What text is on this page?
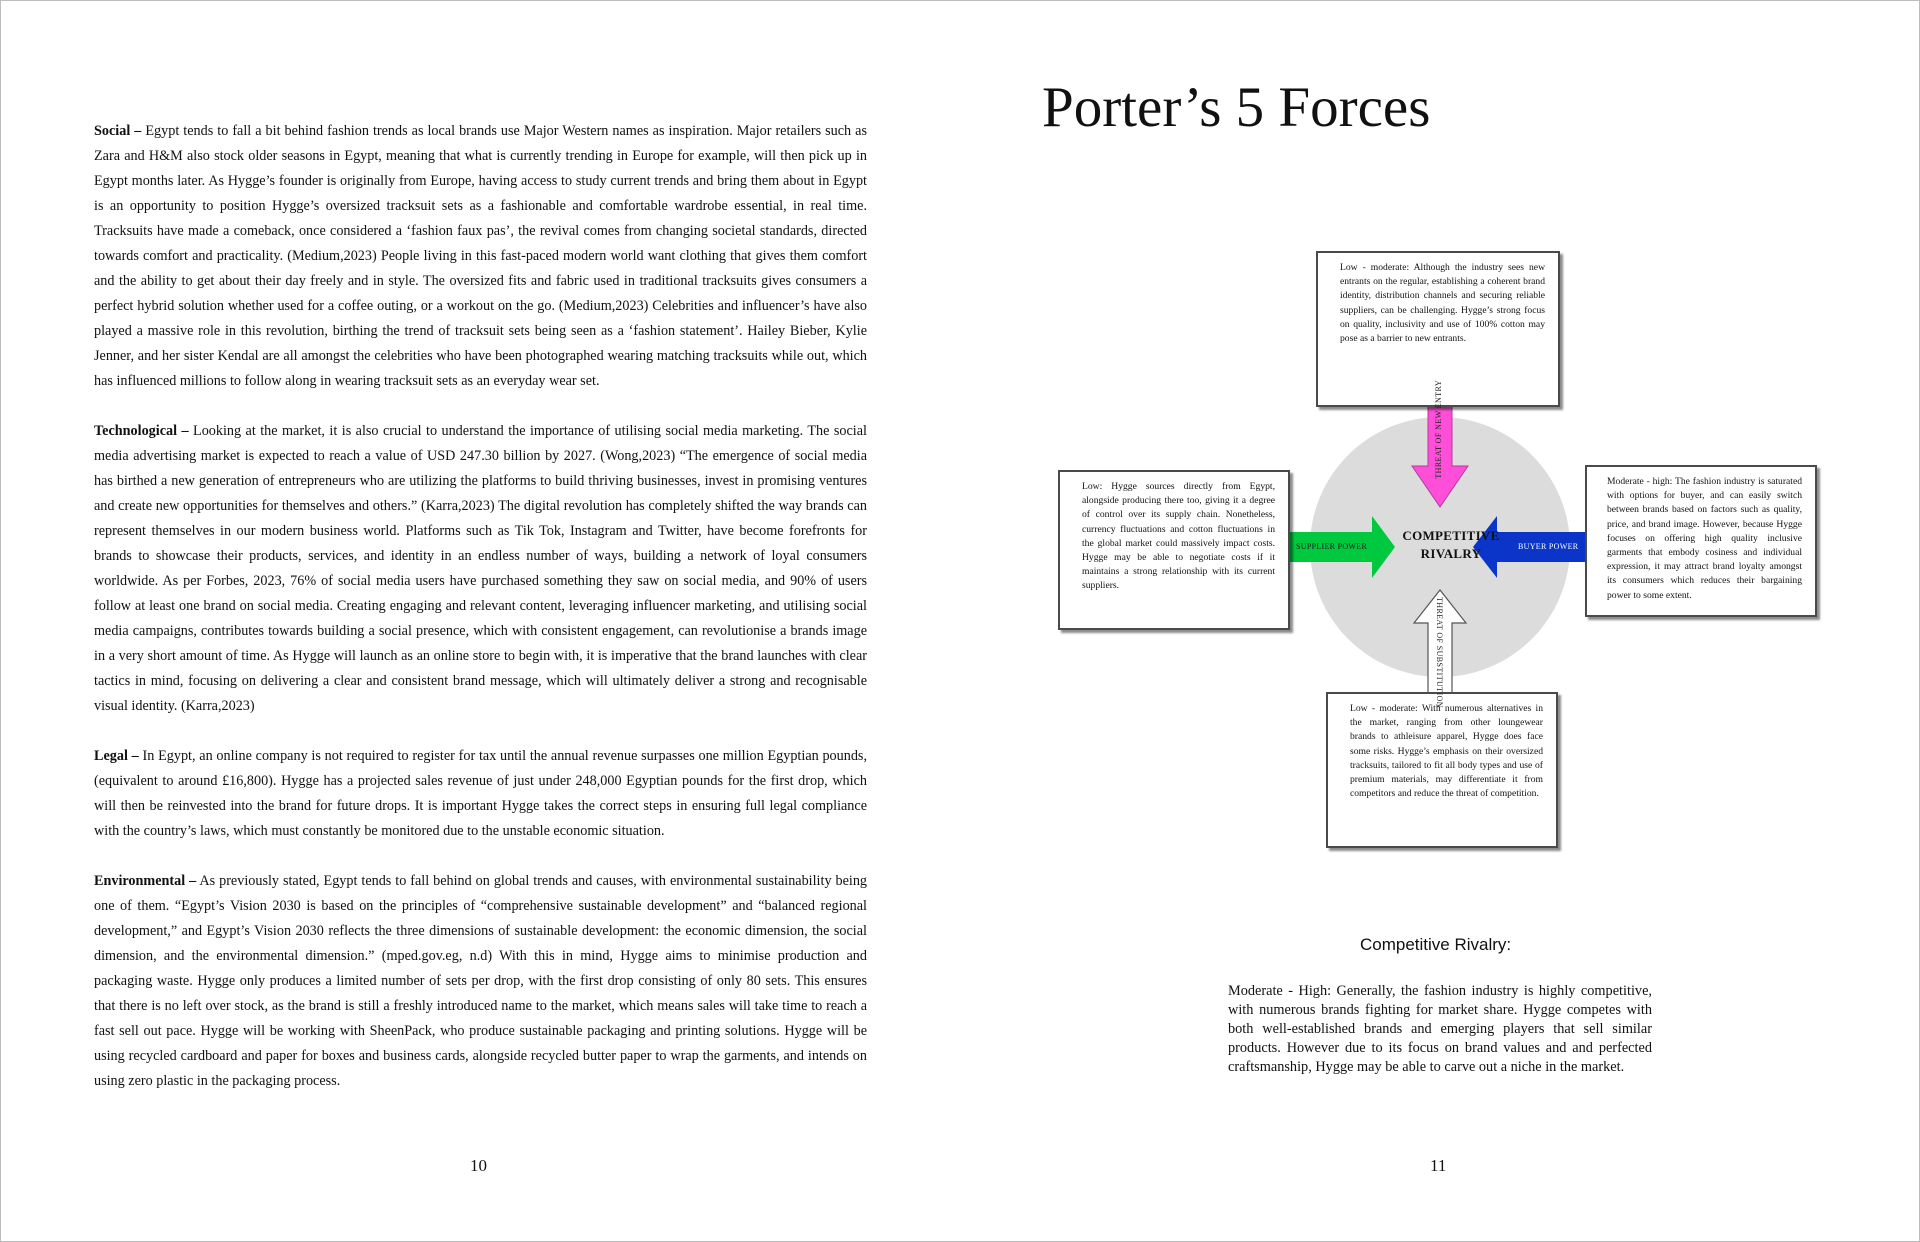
Social – Egypt tends to fall a bit behind fashion trends as local brands use Major Western names as inspiration. Major retailers such as Zara and H&M also stock older seasons in Egypt, meaning that what is currently trending in Europe for example, will then pick up in Egypt months later. As Hygge’s founder is originally from Europe, having access to study current trends and bring them about in Egypt is an opportunity to position Hygge’s oversized tracksuit sets as a fashionable and comfortable wardrobe essential, in real time. Tracksuits have made a comeback, once considered a ‘fashion faux pas’, the revival comes from changing societal standards, directed towards comfort and practicality. (Medium,2023) People living in this fast-paced modern world want clothing that gives them comfort and the ability to get about their day freely and in style. The oversized fits and fabric used in traditional tracksuits gives consumers a perfect hybrid solution whether used for a coffee outing, or a workout on the go. (Medium,2023) Celebrities and influencer’s have also played a massive role in this revolution, birthing the trend of tracksuit sets being seen as a ‘fashion statement’. Hailey Bieber, Kylie Jenner, and her sister Kendal are all amongst the celebrities who have been photographed wearing matching tracksuits while out, which has influenced millions to follow along in wearing tracksuit sets as an everyday wear set.

Technological – Looking at the market, it is also crucial to understand the importance of utilising social media marketing. The social media advertising market is expected to reach a value of USD 247.30 billion by 2027. (Wong,2023) “The emergence of social media has birthed a new generation of entrepreneurs who are utilizing the platforms to build thriving businesses, invest in promising ventures and create new opportunities for themselves and others.” (Karra,2023) The digital revolution has completely shifted the way brands can represent themselves in our modern business world. Platforms such as Tik Tok, Instagram and Twitter, have become forefronts for brands to showcase their products, services, and identity in an endless number of ways, building a network of loyal consumers worldwide. As per Forbes, 2023, 76% of social media users have purchased something they saw on social media, and 90% of users follow at least one brand on social media. Creating engaging and relevant content, leveraging influencer marketing, and utilising social media campaigns, contributes towards building a social presence, which with consistent engagement, can revolutionise a brands image in a very short amount of time. As Hygge will launch as an online store to begin with, it is imperative that the brand launches with clear tactics in mind, focusing on delivering a clear and consistent brand message, which will ultimately deliver a strong and recognisable visual identity. (Karra,2023)

Legal – In Egypt, an online company is not required to register for tax until the annual revenue surpasses one million Egyptian pounds, (equivalent to around £16,800). Hygge has a projected sales revenue of just under 248,000 Egyptian pounds for the first drop, which will then be reinvested into the brand for future drops. It is important Hygge takes the correct steps in ensuring full legal compliance with the country’s laws, which must constantly be monitored due to the unstable economic situation.

Environmental – As previously stated, Egypt tends to fall behind on global trends and causes, with environmental sustainability being one of them. “Egypt’s Vision 2030 is based on the principles of “comprehensive sustainable development” and “balanced regional development,” and Egypt’s Vision 2030 reflects the three dimensions of sustainable development: the economic dimension, the social dimension, and the environmental dimension.” (mped.gov.eg, n.d) With this in mind, Hygge aims to minimise production and packaging waste. Hygge only produces a limited number of sets per drop, with the first drop consisting of only 80 sets. This ensures that there is no left over stock, as the brand is still a freshly introduced name to the market, which means sales will take time to reach a fast sell out pace. Hygge will be working with SheenPack, who produce sustainable packaging and printing solutions. Hygge will be using recycled cardboard and paper for boxes and business cards, alongside recycled butter paper to wrap the garments, and intends on using zero plastic in the packaging process.

10
Porter’s 5 Forces
Low - moderate: Although the industry sees new entrants on the regular, establishing a coherent brand identity, distribution channels and securing reliable suppliers, can be challenging. Hygge’s strong focus on quality, inclusivity and use of 100% cotton may pose as a barrier to new entrants.
Low: Hygge sources directly from Egypt, alongside producing there too, giving it a degree of control over its supply chain. Nonetheless, currency fluctuations and cotton fluctuations in the global market could massively impact costs. Hygge may be able to negotiate costs if it maintains a strong relationship with its current suppliers.
Moderate - high: The fashion industry is saturated with options for buyer, and can easily switch between brands based on factors such as quality, price, and brand image. However, because Hygge focuses on offering high quality inclusive garments that embody cosiness and individual expression, it may attract brand loyalty amongst its consumers which reduces their bargaining power to some extent.
Low - moderate: With numerous alternatives in the market, ranging from other loungewear brands to athleisure apparel, Hygge does face some risks. Hygge’s emphasis on their oversized tracksuits, tailored to fit all body types and use of premium materials, may differentiate it from competitors and reduce the threat of competition.
COMPETITIVE
RIVALRY
SUPPLIER POWER	BUYER POWER
THREAT OF NEW ENTRY
THREAT OF SUBSTITUTION
Competitive Rivalry:

Moderate - High: Generally, the fashion industry is highly competitive, with numerous brands fighting for market share. Hygge competes with both well-established brands and emerging players that sell similar products. However due to its focus on brand values and and perfected craftsmanship, Hygge may be able to carve out a niche in the market.

11
